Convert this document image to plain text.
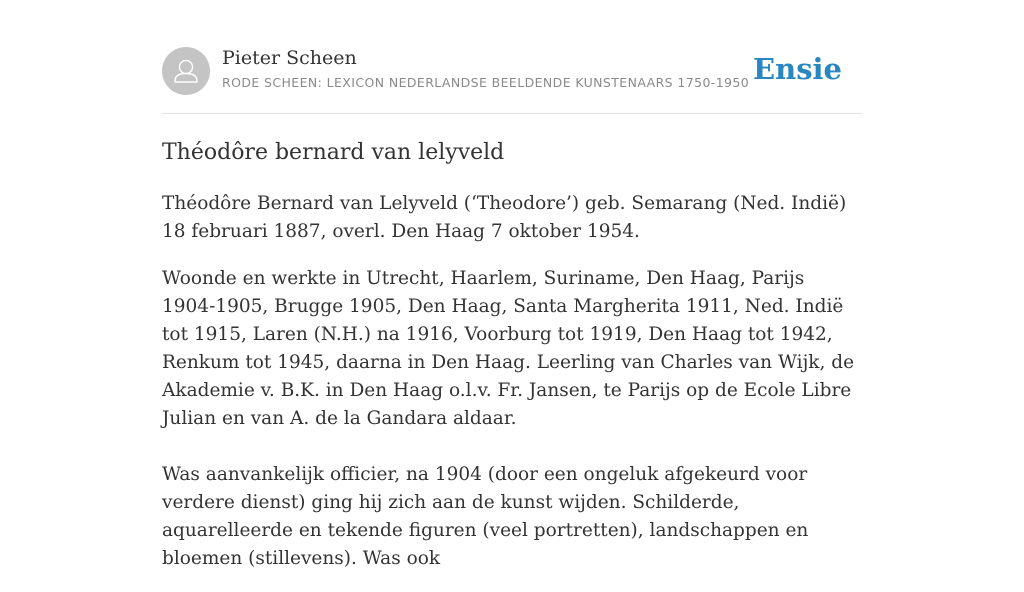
Pieter Scheen
RODE SCHEEN: LEXICON NEDERLANDSE BEELDENDE KUNSTENAARS 1750-1950 Ensie
Théodôre bernard van lelyveld

Théodôre Bernard van Lelyveld (‘Theodore’) geb. Semarang (Ned. Indië) 18 februari 1887, overl. Den Haag 7 oktober 1954.

Woonde en werkte in Utrecht, Haarlem, Suriname, Den Haag, Parijs 1904-1905, Brugge 1905, Den Haag, Santa Margherita 1911, Ned. Indië tot 1915, Laren (N.H.) na 1916, Voorburg tot 1919, Den Haag tot 1942, Renkum tot 1945, daarna in Den Haag. Leerling van Charles van Wijk, de Akademie v. B.K. in Den Haag o.l.v. Fr. Jansen, te Parijs op de Ecole Libre Julian en van A. de la Gandara aldaar.

Was aanvankelijk officier, na 1904 (door een ongeluk afgekeurd voor verdere dienst) ging hij zich aan de kunst wijden. Schilderde, aquarelleerde en tekende figuren (veel portretten), landschappen en bloemen (stillevens). Was ook
